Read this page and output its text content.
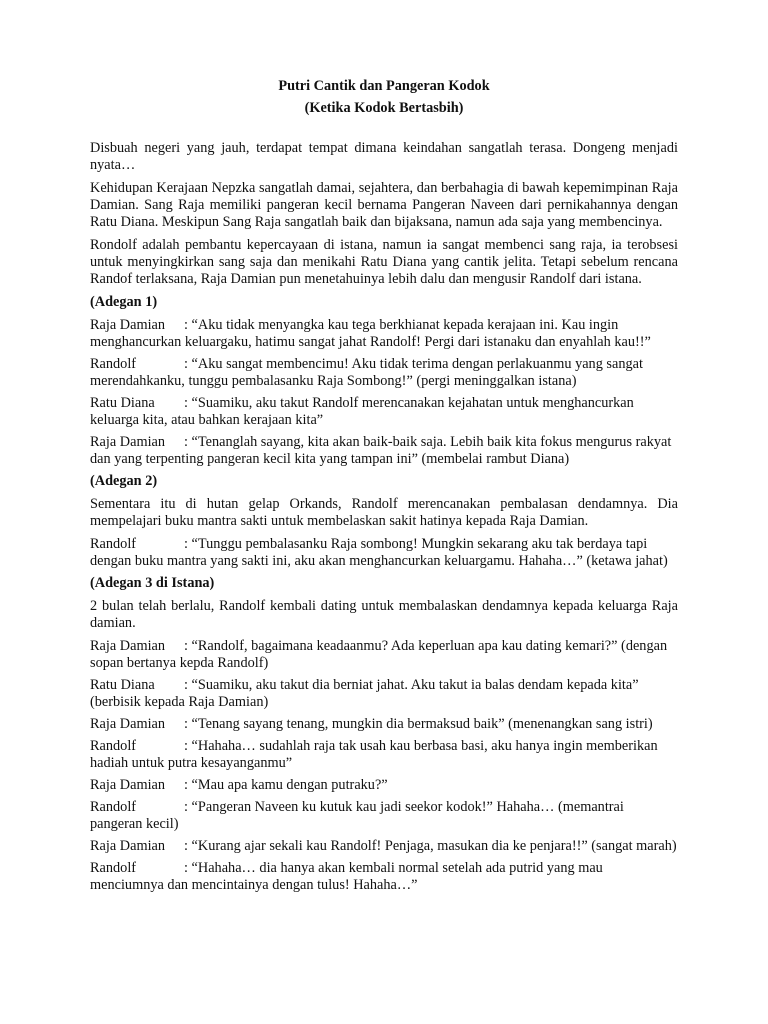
Putri Cantik dan Pangeran Kodok

(Ketika Kodok Bertasbih)

Disbuah negeri yang jauh, terdapat tempat dimana keindahan sangatlah terasa. Dongeng menjadi nyata…

Kehidupan Kerajaan Nepzka sangatlah damai, sejahtera, dan berbahagia di bawah kepemimpinan Raja Damian. Sang Raja memiliki pangeran kecil bernama Pangeran Naveen dari pernikahannya dengan Ratu Diana. Meskipun Sang Raja sangatlah baik dan bijaksana, namun ada saja yang membencinya.

Rondolf adalah pembantu kepercayaan di istana, namun ia sangat membenci sang raja, ia terobsesi untuk menyingkirkan sang saja dan menikahi Ratu Diana yang cantik jelita. Tetapi sebelum rencana Randof terlaksana, Raja Damian pun menetahuinya lebih dalu dan mengusir Randolf dari istana.

(Adegan 1)

Raja Damian : “Aku tidak menyangka kau tega berkhianat kepada kerajaan ini. Kau ingin menghancurkan keluargaku, hatimu sangat jahat Randolf! Pergi dari istanaku dan enyahlah kau!!”

Randolf	: “Aku sangat membencimu! Aku tidak terima dengan perlakuanmu yang sangat merendahkanku, tunggu pembalasanku Raja Sombong!” (pergi meninggalkan istana)

Ratu Diana : “Suamiku, aku takut Randolf merencanakan kejahatan untuk menghancurkan keluarga kita, atau bahkan kerajaan kita”

Raja Damian : “Tenanglah sayang, kita akan baik-baik saja. Lebih baik kita fokus mengurus rakyat dan yang terpenting pangeran kecil kita yang tampan ini” (membelai rambut Diana)

(Adegan 2)

Sementara itu di hutan gelap Orkands, Randolf merencanakan pembalasan dendamnya. Dia mempelajari buku mantra sakti untuk membelaskan sakit hatinya kepada Raja Damian.

Randolf	: “Tunggu pembalasanku Raja sombong! Mungkin sekarang aku tak berdaya tapi dengan buku mantra yang sakti ini, aku akan menghancurkan keluargamu. Hahaha…” (ketawa jahat)

(Adegan 3 di Istana)

2 bulan telah berlalu, Randolf kembali dating untuk membalaskan dendamnya kepada keluarga Raja damian.

Raja Damian : “Randolf, bagaimana keadaanmu? Ada keperluan apa kau dating kemari?” (dengan sopan bertanya kepda Randolf)

Ratu Diana : “Suamiku, aku takut dia berniat jahat. Aku takut ia balas dendam kepada kita” (berbisik kepada Raja Damian)

Raja Damian : “Tenang sayang tenang, mungkin dia bermaksud baik” (menenangkan sang istri)

Randolf	: “Hahaha… sudahlah raja tak usah kau berbasa basi, aku hanya ingin memberikan hadiah untuk putra kesayanganmu”

Raja Damian : “Mau apa kamu dengan putraku?”

Randolf	: “Pangeran Naveen ku kutuk kau jadi seekor kodok!” Hahaha… (memantrai pangeran kecil)

Raja Damian : “Kurang ajar sekali kau Randolf! Penjaga, masukan dia ke penjara!!” (sangat marah)

Randolf	: “Hahaha… dia hanya akan kembali normal setelah ada putrid yang mau menciumnya dan mencintainya dengan tulus! Hahaha…”
